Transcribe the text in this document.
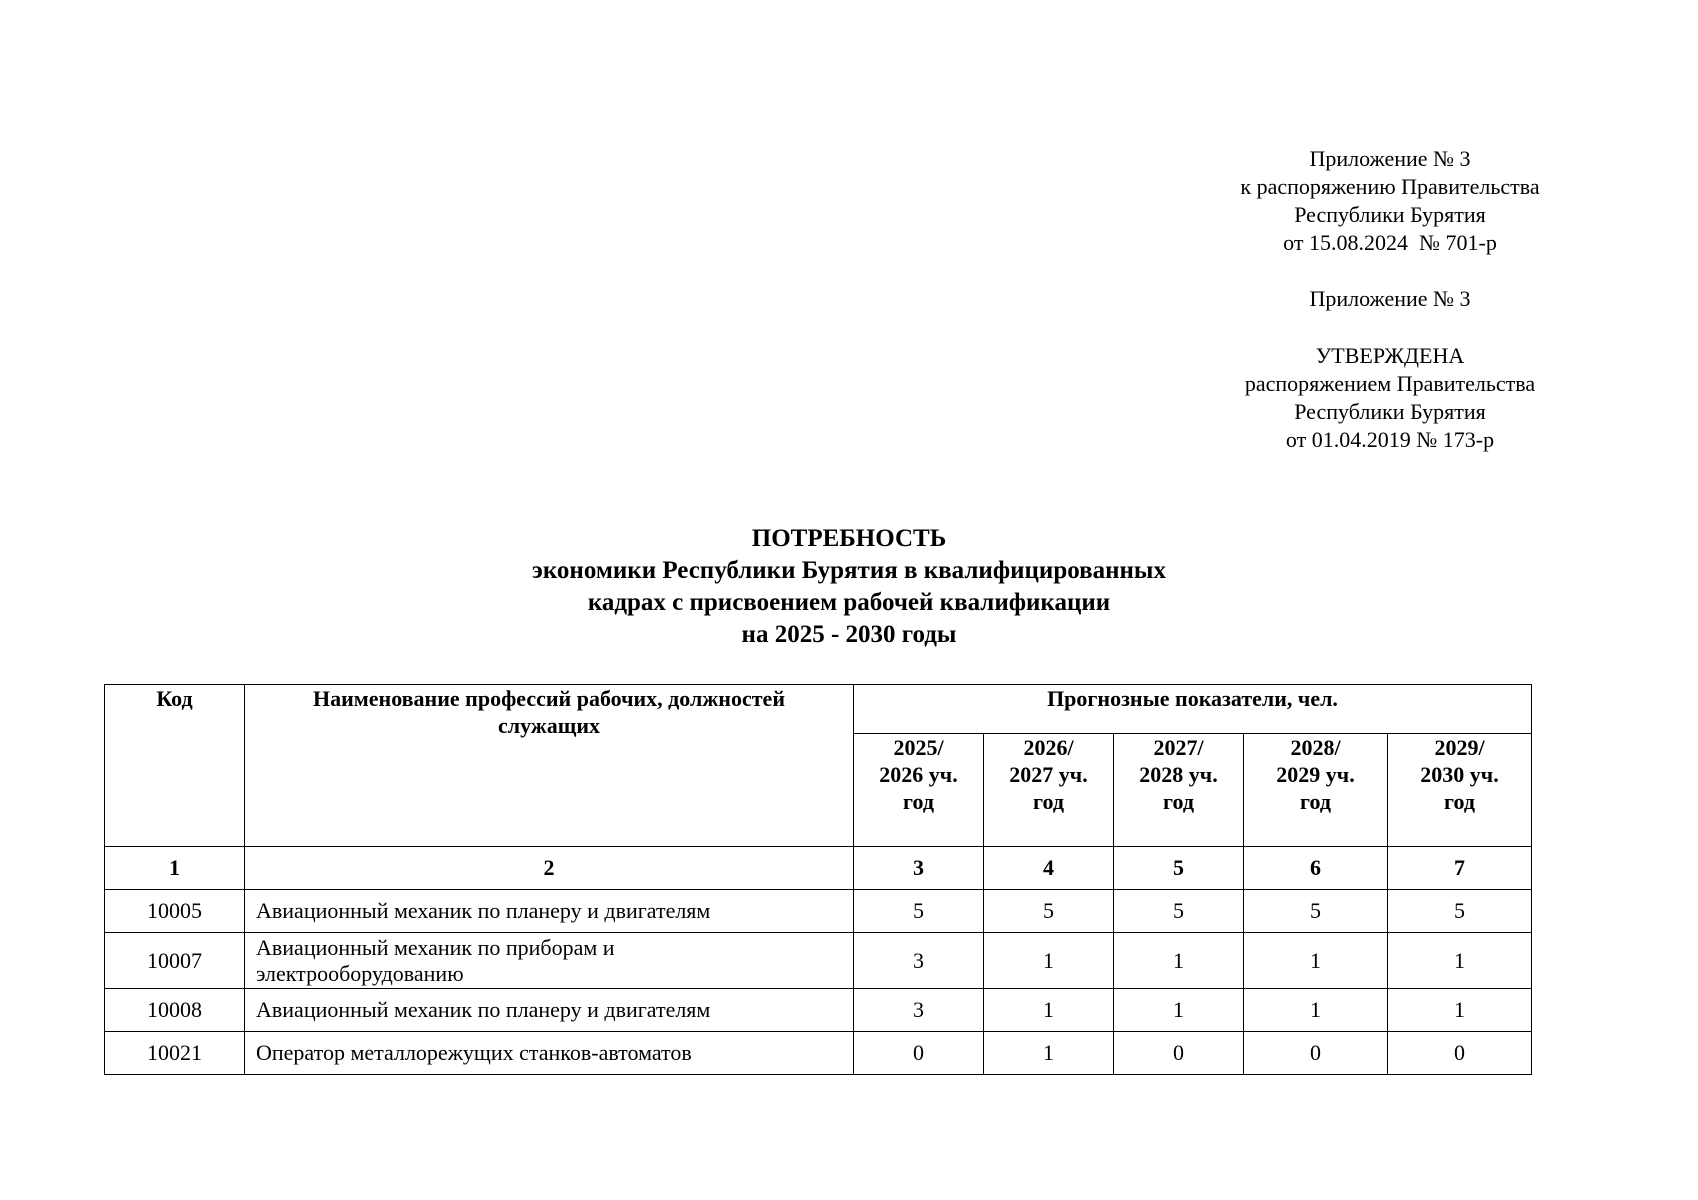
Приложение № 3
к распоряжению Правительства
Республики Бурятия
от 15.08.2024  № 701-р
Приложение № 3
УТВЕРЖДЕНА
распоряжением Правительства
Республики Бурятия
от 01.04.2019 № 173-р
ПОТРЕБНОСТЬ
экономики Республики Бурятия в квалифицированных
кадрах с присвоением рабочей квалификации
на 2025 - 2030 годы
Код	Наименование профессий рабочих, должностей служащих	Прогнозные показатели, чел.				
		2025/
2026 уч.
год	2026/
2027 уч.
год	2027/
2028 уч.
год	2028/
2029 уч.
год	2029/
2030 уч.
год
1	2	3	4	5	6	7
10005	Авиационный механик по планеру и двигателям	5	5	5	5	5
10007	Авиационный механик по приборам и электрооборудованию	3	1	1	1	1
10008	Авиационный механик по планеру и двигателям	3	1	1	1	1
10021	Оператор металлорежущих станков-автоматов	0	1	0	0	0
